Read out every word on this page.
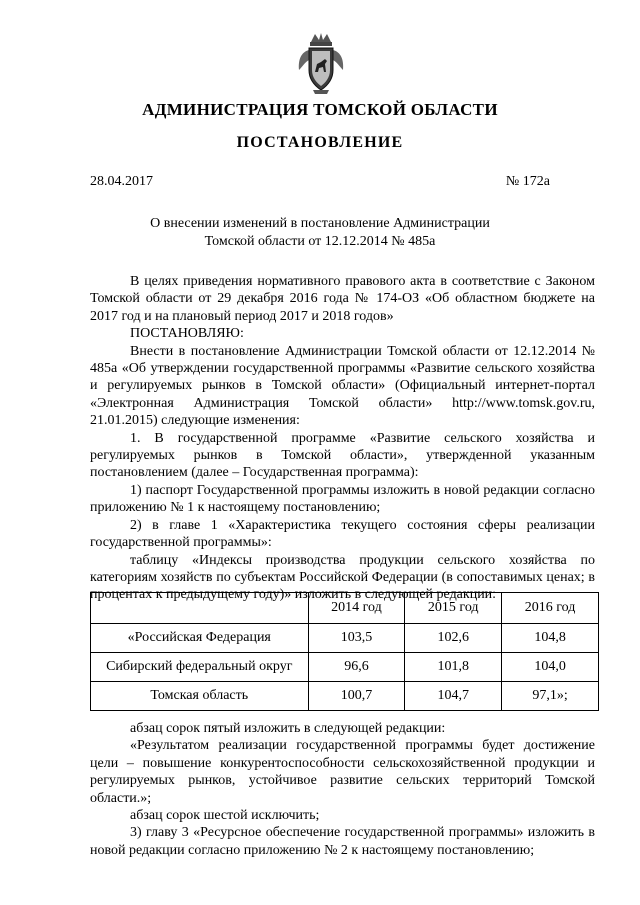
АДМИНИСТРАЦИЯ ТОМСКОЙ ОБЛАСТИ
ПОСТАНОВЛЕНИЕ
28.04.2017	№ 172а
О внесении изменений в постановление Администрации
Томской области от 12.12.2014 № 485а

В целях приведения нормативного правового акта в соответствие с Законом Томской области от 29 декабря 2016 года № 174-ОЗ «Об областном бюджете на 2017 год и на плановый период 2017 и 2018 годов»

ПОСТАНОВЛЯЮ:

Внести в постановление Администрации Томской области от 12.12.2014 № 485а «Об утверждении государственной программы «Развитие сельского хозяйства и регулируемых рынков в Томской области» (Официальный интернет-портал «Электронная Администрация Томской области» http://www.tomsk.gov.ru, 21.01.2015) следующие изменения:

1. В государственной программе «Развитие сельского хозяйства и регулируемых рынков в Томской области», утвержденной указанным постановлением (далее – Государственная программа):

1) паспорт Государственной программы изложить в новой редакции согласно приложению № 1 к настоящему постановлению;

2) в главе 1 «Характеристика текущего состояния сферы реализации государственной программы»:

таблицу «Индексы производства продукции сельского хозяйства по категориям хозяйств по субъектам Российской Федерации (в сопоставимых ценах; в процентах к предыдущему году)» изложить в следующей редакции:

	2014 год	2015 год	2016 год
«Российская Федерация	103,5	102,6	104,8
Сибирский федеральный округ	96,6	101,8	104,0
Томская область	100,7	104,7	97,1»;

абзац сорок пятый изложить в следующей редакции:

«Результатом реализации государственной программы будет достижение цели – повышение конкурентоспособности сельскохозяйственной продукции и регулируемых рынков, устойчивое развитие сельских территорий Томской области.»;

абзац сорок шестой исключить;

3) главу 3 «Ресурсное обеспечение государственной программы» изложить в новой редакции согласно приложению № 2 к настоящему постановлению;
